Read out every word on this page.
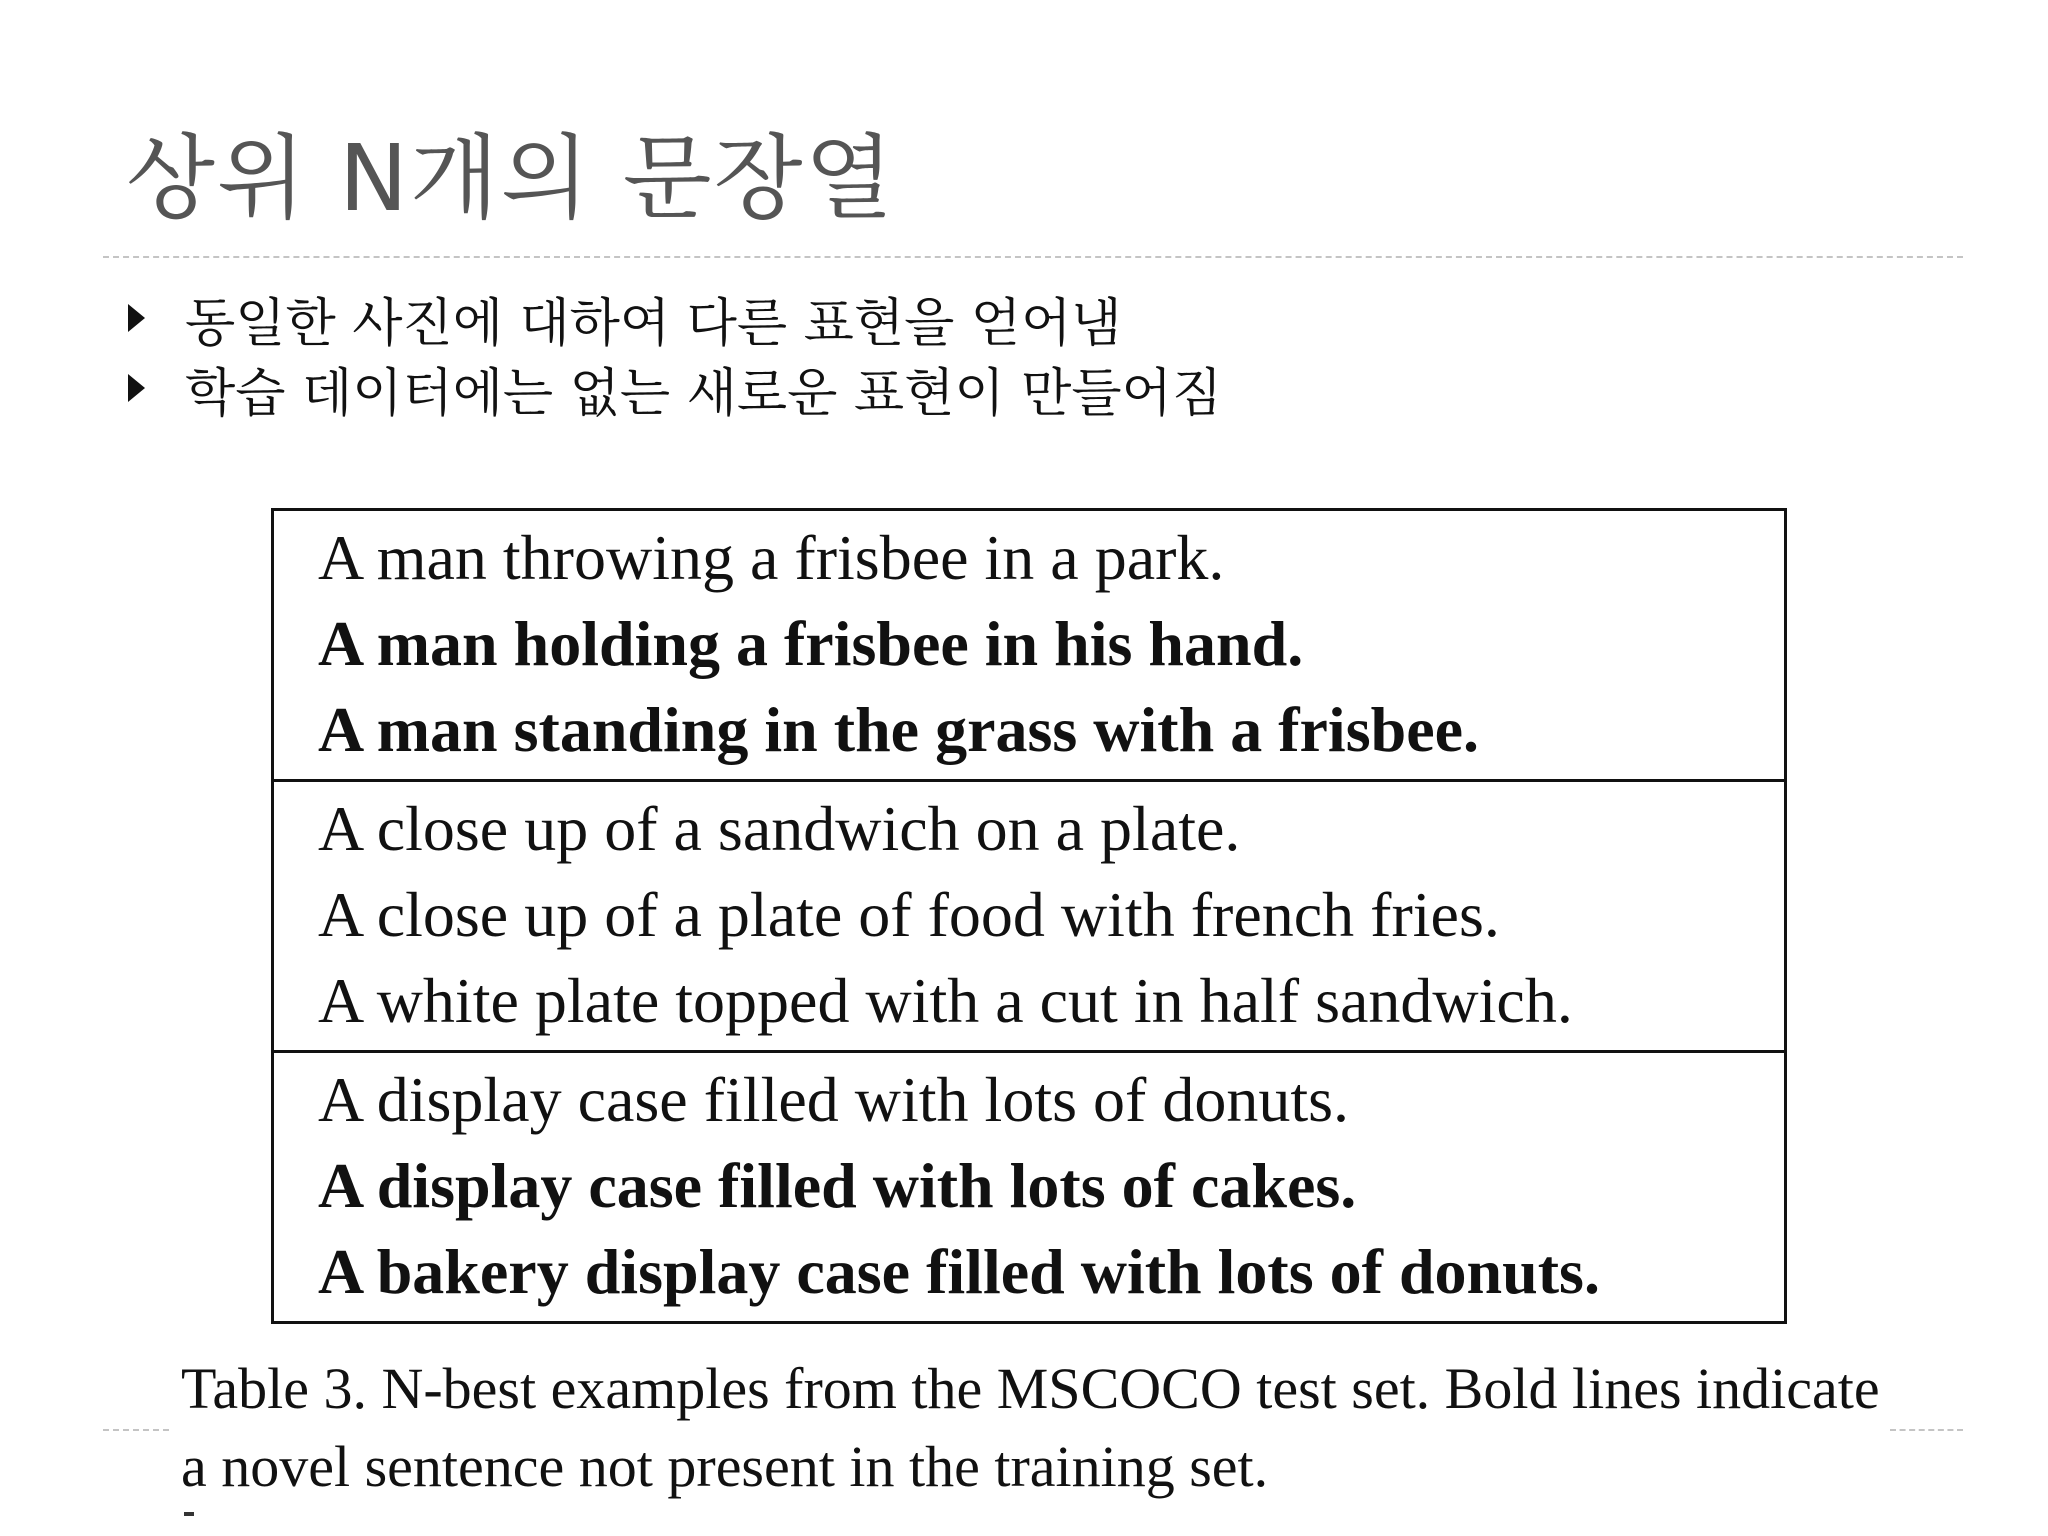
상위 N개의 문장열
동일한 사진에 대하여 다른 표현을 얻어냄
학습 데이터에는 없는 새로운 표현이 만들어짐
A man throwing a frisbee in a park.
A man holding a frisbee in his hand.
A man standing in the grass with a frisbee.
A close up of a sandwich on a plate.
A close up of a plate of food with french fries.
A white plate topped with a cut in half sandwich.
A display case filled with lots of donuts.
A display case filled with lots of cakes.
A bakery display case filled with lots of donuts.
Table 3. N-best examples from the MSCOCO test set. Bold lines indicate a novel sentence not present in the training set.
